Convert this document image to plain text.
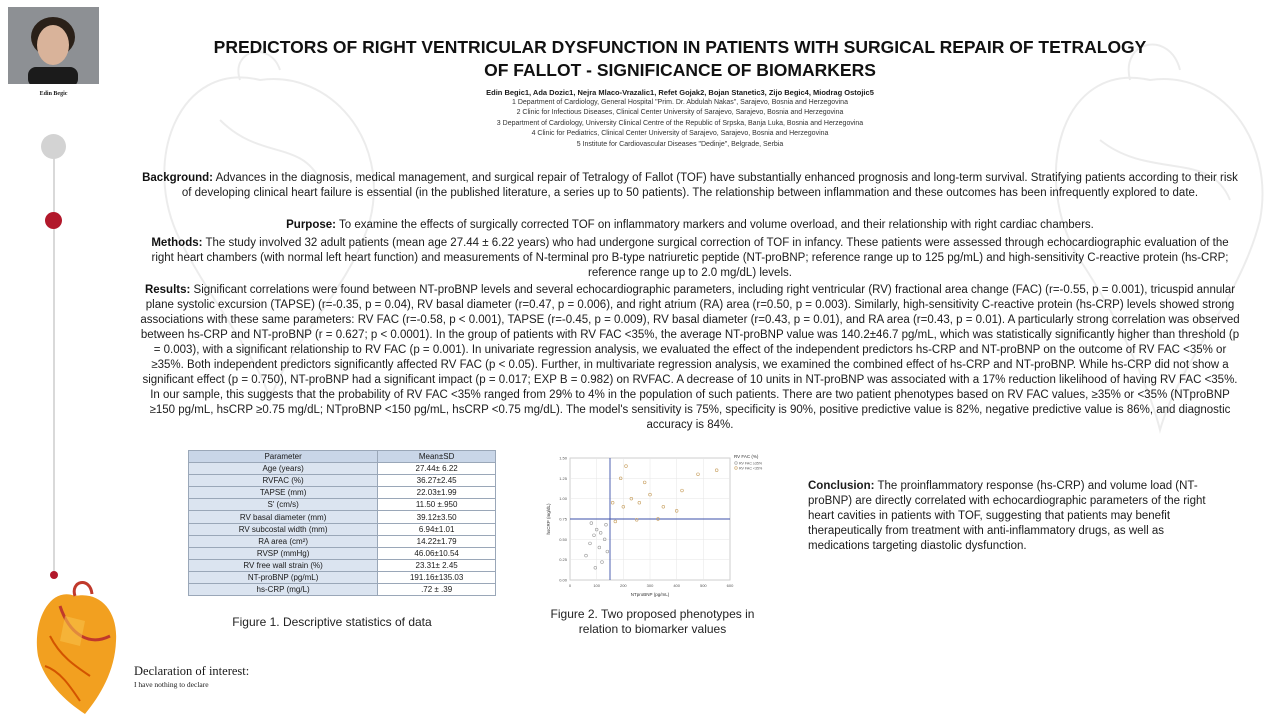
Edin Begic
PREDICTORS OF RIGHT VENTRICULAR DYSFUNCTION IN PATIENTS WITH SURGICAL REPAIR OF TETRALOGY OF FALLOT - SIGNIFICANCE OF BIOMARKERS
Edin Begic1, Ada Dozic1, Nejra Mlaco-Vrazalic1, Refet Gojak2, Bojan Stanetic3, Zijo Begic4, Miodrag Ostojic5
1 Department of Cardiology, General Hospital "Prim. Dr. Abdulah Nakas", Sarajevo, Bosnia and Herzegovina
2 Clinic for Infectious Diseases, Clinical Center University of Sarajevo, Sarajevo, Bosnia and Herzegovina
3 Department of Cardiology, University Clinical Centre of the Republic of Srpska, Banja Luka, Bosnia and Herzegovina
4 Clinic for Pediatrics, Clinical Center University of Sarajevo, Sarajevo, Bosnia and Herzegovina
5 Institute for Cardiovascular Diseases "Dedinje", Belgrade, Serbia
Background: Advances in the diagnosis, medical management, and surgical repair of Tetralogy of Fallot (TOF) have substantially enhanced prognosis and long-term survival. Stratifying patients according to their risk of developing clinical heart failure is essential (in the published literature, a series up to 50 patients). The relationship between inflammation and these outcomes has been infrequently explored to date.
Purpose: To examine the effects of surgically corrected TOF on inflammatory markers and volume overload, and their relationship with right cardiac chambers.
Methods: The study involved 32 adult patients (mean age 27.44 ± 6.22 years) who had undergone surgical correction of TOF in infancy. These patients were assessed through echocardiographic evaluation of the right heart chambers (with normal left heart function) and measurements of N-terminal pro B-type natriuretic peptide (NT-proBNP; reference range up to 125 pg/mL) and high-sensitivity C-reactive protein (hs-CRP; reference range up to 2.0 mg/dL) levels.
Results: Significant correlations were found between NT-proBNP levels and several echocardiographic parameters, including right ventricular (RV) fractional area change (FAC) (r=-0.55, p = 0.001), tricuspid annular plane systolic excursion (TAPSE) (r=-0.35, p = 0.04), RV basal diameter (r=0.47, p = 0.006), and right atrium (RA) area (r=0.50, p = 0.003). Similarly, high-sensitivity C-reactive protein (hs-CRP) levels showed strong associations with these same parameters: RV FAC (r=-0.58, p < 0.001), TAPSE (r=-0.45, p = 0.009), RV basal diameter (r=0.43, p = 0.01), and RA area (r=0.43, p = 0.01). A particularly strong correlation was observed between hs-CRP and NT-proBNP (r = 0.627; p < 0.0001). In the group of patients with RV FAC <35%, the average NT-proBNP value was 140.2±46.7 pg/mL, which was statistically significantly higher than threshold (p = 0.003), with a significant relationship to RV FAC (p = 0.001). In univariate regression analysis, we evaluated the effect of the independent predictors hs-CRP and NT-proBNP on the outcome of RV FAC <35% or ≥35%. Both independent predictors significantly affected RV FAC (p < 0.05). Further, in multivariate regression analysis, we examined the combined effect of hs-CRP and NT-proBNP. While hs-CRP did not show a significant effect (p = 0.750), NT-proBNP had a significant impact (p = 0.017; EXP B = 0.982) on RVFAC. A decrease of 10 units in NT-proBNP was associated with a 17% reduction likelihood of having RV FAC <35%. In our sample, this suggests that the probability of RV FAC <35% ranged from 29% to 4% in the population of such patients. There are two patient phenotypes based on RV FAC values, ≥35% or <35% (NTproBNP ≥150 pg/mL, hsCRP ≥0.75 mg/dL; NTproBNP <150 pg/mL, hsCRP <0.75 mg/dL). The model's sensitivity is 75%, specificity is 90%, positive predictive value is 82%, negative predictive value is 86%, and diagnostic accuracy is 84%.
Parameter	Mean±SD
Age (years)	27.44± 6.22
RVFAC (%)	36.27±2.45
TAPSE (mm)	22.03±1.99
S' (cm/s)	11.50 ±.950
RV basal diameter (mm)	39.12±3.50
RV subcostal width (mm)	6.94±1.01
RA area (cm²)	14.22±1.79
RVSP (mmHg)	46.06±10.54
RV free wall strain (%)	23.31± 2.45
NT-proBNP (pg/mL)	191.16±135.03
hs-CRP (mg/L)	.72 ± .39
Figure 1. Descriptive statistics of data
0	100	200	300	400	500	600
0.00
0.25
0.50
0.75
1.00
1.25
1.50
NTproBNP (pg/mL)
hsCRP (mg/dL)
RV FAC (%)
RV FAC ≥35%
RV FAC <35%
Figure 2. Two proposed phenotypes in
relation to biomarker values
Conclusion: The proinflammatory response (hs-CRP) and volume load (NT-proBNP) are directly correlated with echocardiographic parameters of the right heart cavities in patients with TOF, suggesting that patients may benefit therapeutically from treatment with anti-inflammatory drugs, as well as medications targeting diastolic dysfunction.
Declaration of interest:
I have nothing to declare
